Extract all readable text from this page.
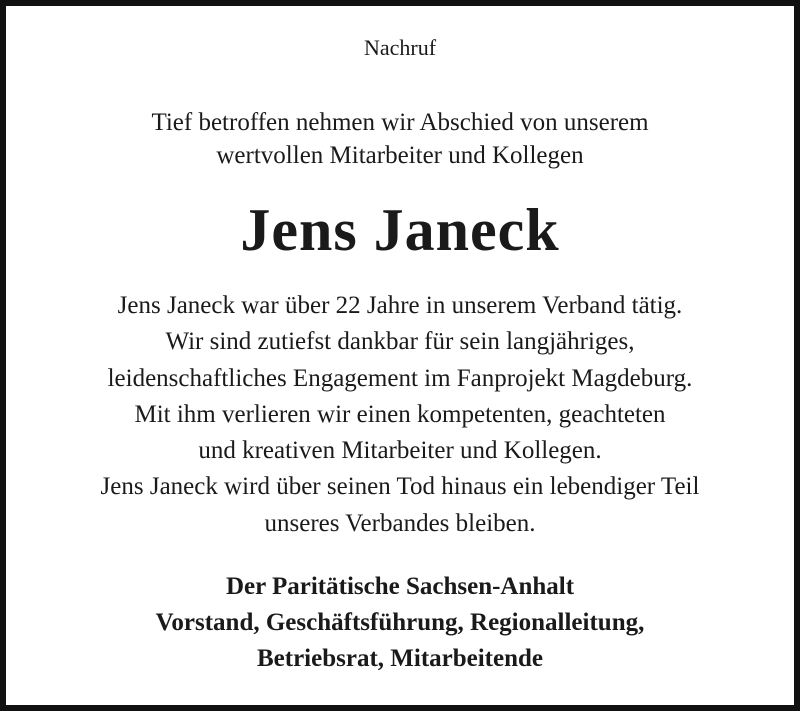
Nachruf
Tief betroffen nehmen wir Abschied von unserem
wertvollen Mitarbeiter und Kollegen
Jens Janeck
Jens Janeck war über 22 Jahre in unserem Verband tätig.
Wir sind zutiefst dankbar für sein langjähriges,
leidenschaftliches Engagement im Fanprojekt Magdeburg.
Mit ihm verlieren wir einen kompetenten, geachteten
und kreativen Mitarbeiter und Kollegen.
Jens Janeck wird über seinen Tod hinaus ein lebendiger Teil
unseres Verbandes bleiben.
Der Paritätische Sachsen-Anhalt
Vorstand, Geschäftsführung, Regionalleitung,
Betriebsrat, Mitarbeitende
